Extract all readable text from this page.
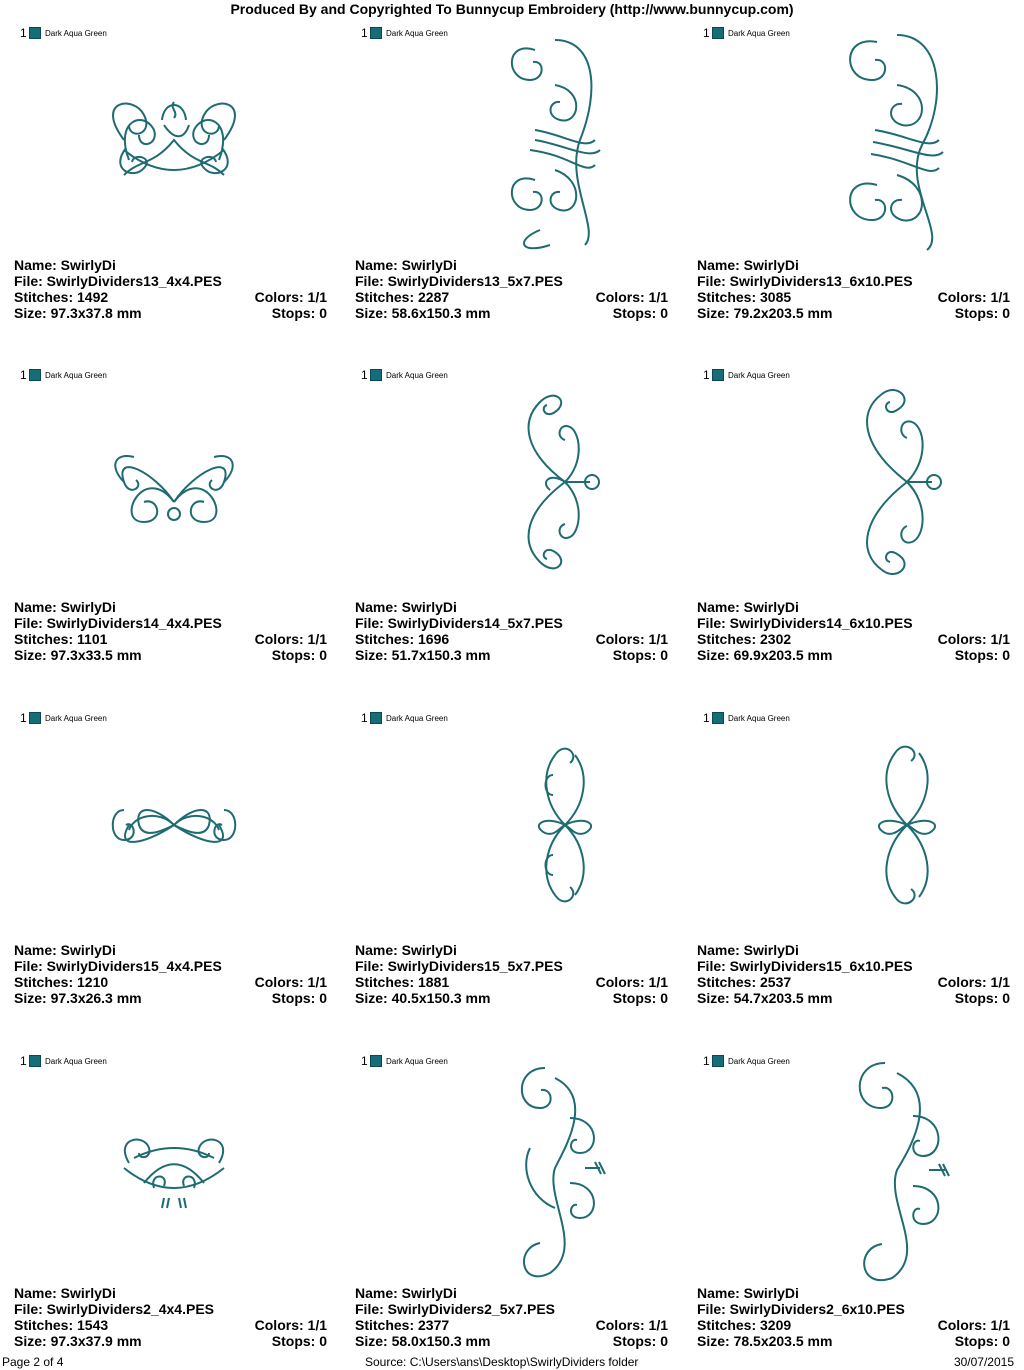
Produced By and Copyrighted To Bunnycup Embroidery (http://www.bunnycup.com)
1 Dark Aqua Green
Name: SwirlyDi
File: SwirlyDividers13_4x4.PES
Stitches: 1492	Colors: 1/1
Size: 97.3x37.8 mm	Stops: 0
1 Dark Aqua Green
Name: SwirlyDi
File: SwirlyDividers13_5x7.PES
Stitches: 2287	Colors: 1/1
Size: 58.6x150.3 mm	Stops: 0
1 Dark Aqua Green
Name: SwirlyDi
File: SwirlyDividers13_6x10.PES
Stitches: 3085	Colors: 1/1
Size: 79.2x203.5 mm	Stops: 0
1 Dark Aqua Green
Name: SwirlyDi
File: SwirlyDividers14_4x4.PES
Stitches: 1101	Colors: 1/1
Size: 97.3x33.5 mm	Stops: 0
1 Dark Aqua Green
Name: SwirlyDi
File: SwirlyDividers14_5x7.PES
Stitches: 1696	Colors: 1/1
Size: 51.7x150.3 mm	Stops: 0
1 Dark Aqua Green
Name: SwirlyDi
File: SwirlyDividers14_6x10.PES
Stitches: 2302	Colors: 1/1
Size: 69.9x203.5 mm	Stops: 0
1 Dark Aqua Green
Name: SwirlyDi
File: SwirlyDividers15_4x4.PES
Stitches: 1210	Colors: 1/1
Size: 97.3x26.3 mm	Stops: 0
1 Dark Aqua Green
Name: SwirlyDi
File: SwirlyDividers15_5x7.PES
Stitches: 1881	Colors: 1/1
Size: 40.5x150.3 mm	Stops: 0
1 Dark Aqua Green
Name: SwirlyDi
File: SwirlyDividers15_6x10.PES
Stitches: 2537	Colors: 1/1
Size: 54.7x203.5 mm	Stops: 0
1 Dark Aqua Green
Name: SwirlyDi
File: SwirlyDividers2_4x4.PES
Stitches: 1543	Colors: 1/1
Size: 97.3x37.9 mm	Stops: 0
1 Dark Aqua Green
Name: SwirlyDi
File: SwirlyDividers2_5x7.PES
Stitches: 2377	Colors: 1/1
Size: 58.0x150.3 mm	Stops: 0
1 Dark Aqua Green
Name: SwirlyDi
File: SwirlyDividers2_6x10.PES
Stitches: 3209	Colors: 1/1
Size: 78.5x203.5 mm	Stops: 0
Page 2 of 4	Source: C:\Users\ans\Desktop\SwirlyDividers folder	30/07/2015
